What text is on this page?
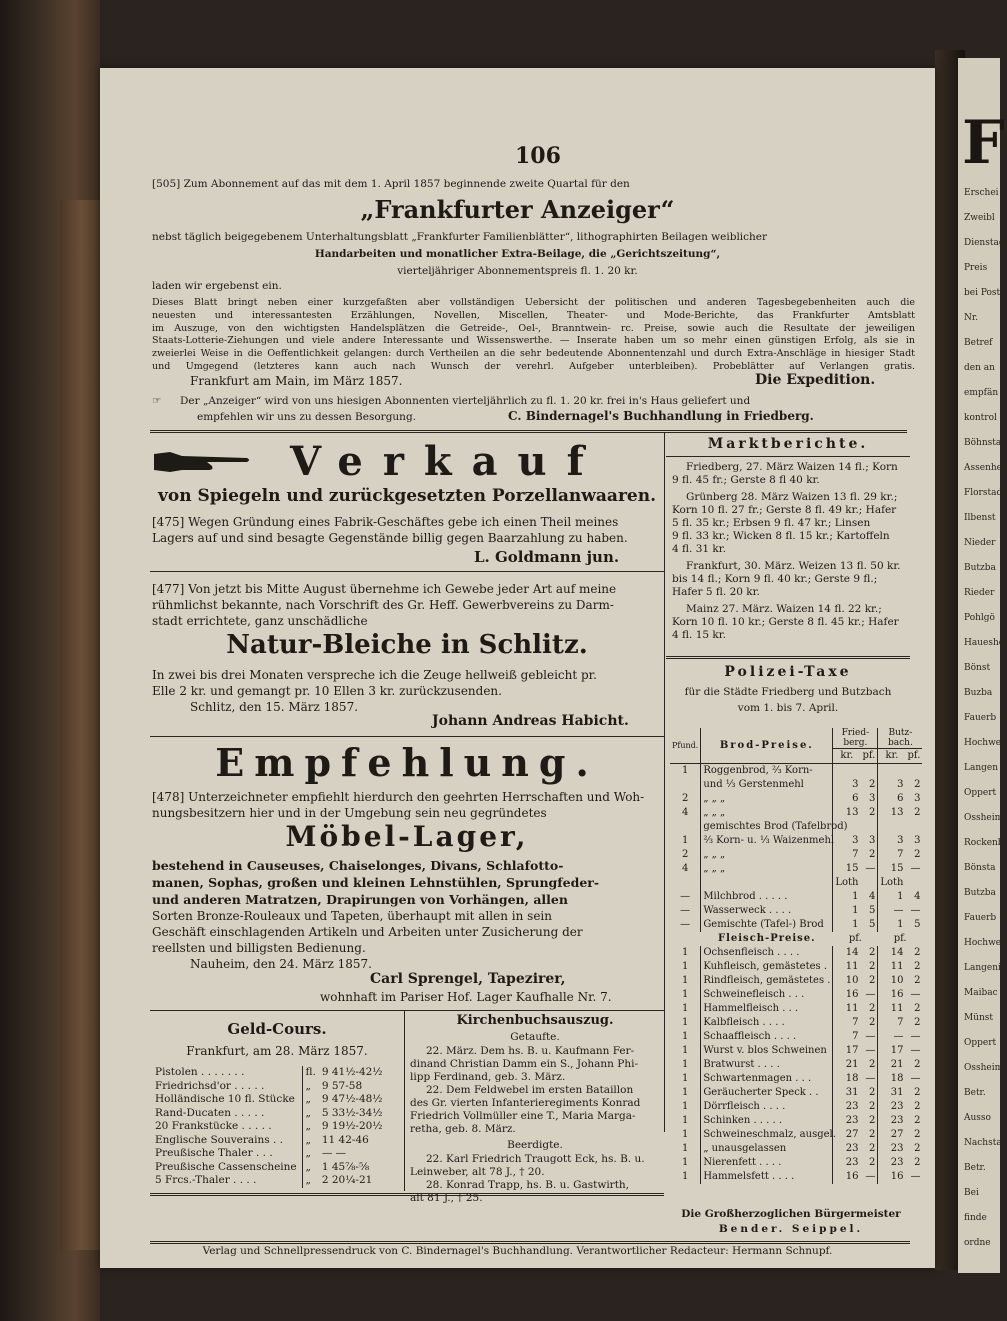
F
Erschei
Zweibl
Dienstag
Preis
bei Post
Nr.
Betref
den an
empfän
kontrol
Böhnstad
Assenhei
Florstad
Ilbenst
Nieder
Butzba
Rieder
Pohlgö
Haueshei
Bönst
Buzba
Fauerb
Hochwe
Langen
Oppert
Ossheim
Rockenb
Bönsta
Butzba
Fauerb
Hochwe
Langeni
Maibac
Münst
Oppert
Ossheim
Betr.
Ausso
Nachsta
Betr.
Bei
finde
ordne
106
[505] Zum Abonnement auf das mit dem 1. April 1857 beginnende zweite Quartal für den
„Frankfurter Anzeiger“
nebst täglich beigegebenem Unterhaltungsblatt „Frankfurter Familienblätter“, lithographirten Beilagen weiblicher
Handarbeiten und monatlicher Extra-Beilage, die „Gerichtszeitung“,
vierteljähriger Abonnementspreis fl. 1. 20 kr.
laden wir ergebenst ein.
Dieses Blatt bringt neben einer kurzgefaßten aber vollständigen Uebersicht der politischen und anderen Tagesbegebenheiten auch die
neuesten und interessantesten Erzählungen, Novellen, Miscellen, Theater- und Mode-Berichte, das Frankfurter Amtsblatt
im Auszuge, von den wichtigsten Handelsplätzen die Getreide-, Oel-, Branntwein- rc. Preise, sowie auch die Resultate der jeweiligen
Staats-Lotterie-Ziehungen und viele andere Interessante und Wissenswerthe. — Inserate haben um so mehr einen günstigen Erfolg, als sie in
zweierlei Weise in die Oeffentlichkeit gelangen: durch Vertheilen an die sehr bedeutende Abonnentenzahl und durch Extra-Anschläge in hiesiger Stadt
und Umgegend (letzteres kann auch nach Wunsch der verehrl. Aufgeber unterbleiben). Probeblätter auf Verlangen gratis.
Frankfurt am Main, im März 1857.	Die Expedition.
☞ Der „Anzeiger“ wird von uns hiesigen Abonnenten vierteljährlich zu fl. 1. 20 kr. frei in's Haus geliefert und
empfehlen wir uns zu dessen Besorgung.	C. Bindernagel's Buchhandlung in Friedberg.
Verkauf
von Spiegeln und zurückgesetzten Porzellanwaaren.
[475] Wegen Gründung eines Fabrik-Geschäftes gebe ich einen Theil meines
Lagers auf und sind besagte Gegenstände billig gegen Baarzahlung zu haben.
L. Goldmann jun.
[477] Von jetzt bis Mitte August übernehme ich Gewebe jeder Art auf meine
rühmlichst bekannte, nach Vorschrift des Gr. Heff. Gewerbvereins zu Darm-
stadt errichtete, ganz unschädliche
Natur-Bleiche in Schlitz.
In zwei bis drei Monaten verspreche ich die Zeuge hellweiß gebleicht pr.
Elle 2 kr. und gemangt pr. 10 Ellen 3 kr. zurückzusenden.
Schlitz, den 15. März 1857.
Johann Andreas Habicht.
Empfehlung.
[478] Unterzeichneter empfiehlt hierdurch den geehrten Herrschaften und Woh-
nungsbesitzern hier und in der Umgebung sein neu gegründetes
Möbel-Lager,
bestehend in Causeuses, Chaiselonges, Divans, Schlafotto-
manen, Sophas, großen und kleinen Lehnstühlen, Sprungfeder-
und anderen Matratzen, Drapirungen von Vorhängen, allen
Sorten Bronze-Rouleaux und Tapeten, überhaupt mit allen in sein
Geschäft einschlagenden Artikeln und Arbeiten unter Zusicherung der
reellsten und billigsten Bedienung.
Nauheim, den 24. März 1857.
Carl Sprengel, Tapezirer,
wohnhaft im Pariser Hof. Lager Kaufhalle Nr. 7.
Geld-Cours.
Frankfurt, am 28. März 1857.
Pistolen . . . . . . .	fl.	9 41½-42½
Friedrichsd'or . . . . .	„	9 57-58
Holländische 10 fl. Stücke	„	9 47½-48½
Rand-Ducaten . . . . .	„	5 33½-34½
20 Frankstücke . . . . .	„	9 19½-20½
Englische Souverains . .	„	11 42-46
Preußische Thaler . . .	„	— —
Preußische Cassenscheine	„	1 45⅞-⅝
5 Frcs.-Thaler . . . .	„	2 20¼-21
Kirchenbuchsauszug.
Getaufte.

22. März. Dem hs. B. u. Kaufmann Fer-

dinand Christian Damm ein S., Johann Phi-

lipp Ferdinand, geb. 3. März.

22. Dem Feldwebel im ersten Bataillon

des Gr. vierten Infanterieregiments Konrad

Friedrich Vollmüller eine T., Maria Marga-

retha, geb. 8. März.

Beerdigte.

22. Karl Friedrich Traugott Eck, hs. B. u.

Leinweber, alt 78 J., † 20.

28. Konrad Trapp, hs. B. u. Gastwirth,

alt 81 J., † 25.

Marktberichte.

Friedberg, 27. März Waizen 14 fl.; Korn

9 fl. 45 fr.; Gerste 8 fl 40 kr.

Grünberg 28. März Waizen 13 fl. 29 kr.;

Korn 10 fl. 27 fr.; Gerste 8 fl. 49 kr.; Hafer

5 fl. 35 kr.; Erbsen 9 fl. 47 kr.; Linsen

9 fl. 33 kr.; Wicken 8 fl. 15 kr.; Kartoffeln

4 fl. 31 kr.

Frankfurt, 30. März. Weizen 13 fl. 50 kr.

bis 14 fl.; Korn 9 fl. 40 kr.; Gerste 9 fl.;

Hafer 5 fl. 20 kr.

Mainz 27. März. Waizen 14 fl. 22 kr.;

Korn 10 fl. 10 kr.; Gerste 8 fl. 45 kr.; Hafer

4 fl. 15 kr.

Polizei-Taxe
für die Städte Friedberg und Butzbach
vom 1. bis 7. April.
Pfund.	Brod-Preise.	Fried-berg.		Butz-bach.	
		kr.	pf.	kr.	pf.
1	Roggenbrod, ²⁄₃ Korn-				
	und ⅓ Gerstenmehl	3	2	3	2
2	„ „ „	6	3	6	3
4	„ „ „	13	2	13	2
	gemischtes Brod (Tafelbrod)				
1	⅔ Korn- u. ⅓ Waizenmehl	3	3	3	3
2	„ „ „	7	2	7	2
4	„ „ „	15	—	15	—
		Loth		Loth	
—	Milchbrod . . . . .	1	4	1	4
—	Wasserweck . . . .	1	5	—	—
—	Gemischte (Tafel-) Brod	1	5	1	5
	Fleisch-Preise.	pf.		pf.	
1	Ochsenfleisch . . . .	14	2	14	2
1	Kuhfleisch, gemästetes .	11	2	11	2
1	Rindfleisch, gemästetes .	10	2	10	2
1	Schweinefleisch . . .	16	—	16	—
1	Hammelfleisch . . .	11	2	11	2
1	Kalbfleisch . . . .	7	2	7	2
1	Schaaffleisch . . . .	7	—	—	—
1	Wurst v. blos Schweinen	17	—	17	—
1	Bratwurst . . . .	21	2	21	2
1	Schwartenmagen . . .	18	—	18	—
1	Geräucherter Speck . .	31	2	31	2
1	Dörrfleisch . . . .	23	2	23	2
1	Schinken . . . . .	23	2	23	2
1	Schweineschmalz, ausgel.	27	2	27	2
1	„ unausgelassen	23	2	23	2
1	Nierenfett . . . .	23	2	23	2
1	Hammelsfett . . . .	16	—	16	—
Die Großherzoglichen Bürgermeister
Bender. Seippel.
Verlag und Schnellpressendruck von C. Bindernagel's Buchhandlung. Verantwortlicher Redacteur: Hermann Schnupf.
